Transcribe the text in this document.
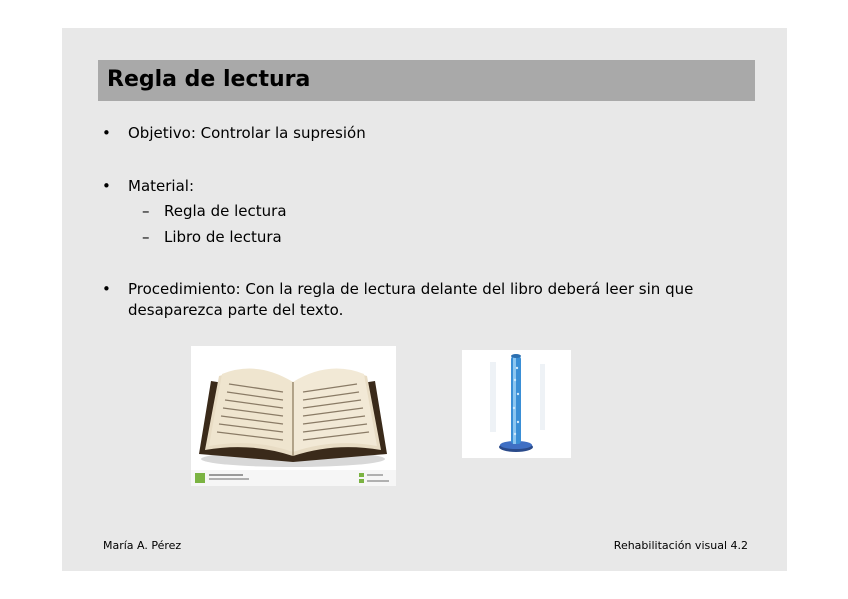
Regla de lectura
• Objetivo: Controlar la supresión
• Material:
– Regla de lectura
– Libro de lectura
• Procedimiento: Con la regla de lectura delante del libro deberá leer sin que desaparezca parte del texto.
María A. Pérez	Rehabilitación visual 4.2
